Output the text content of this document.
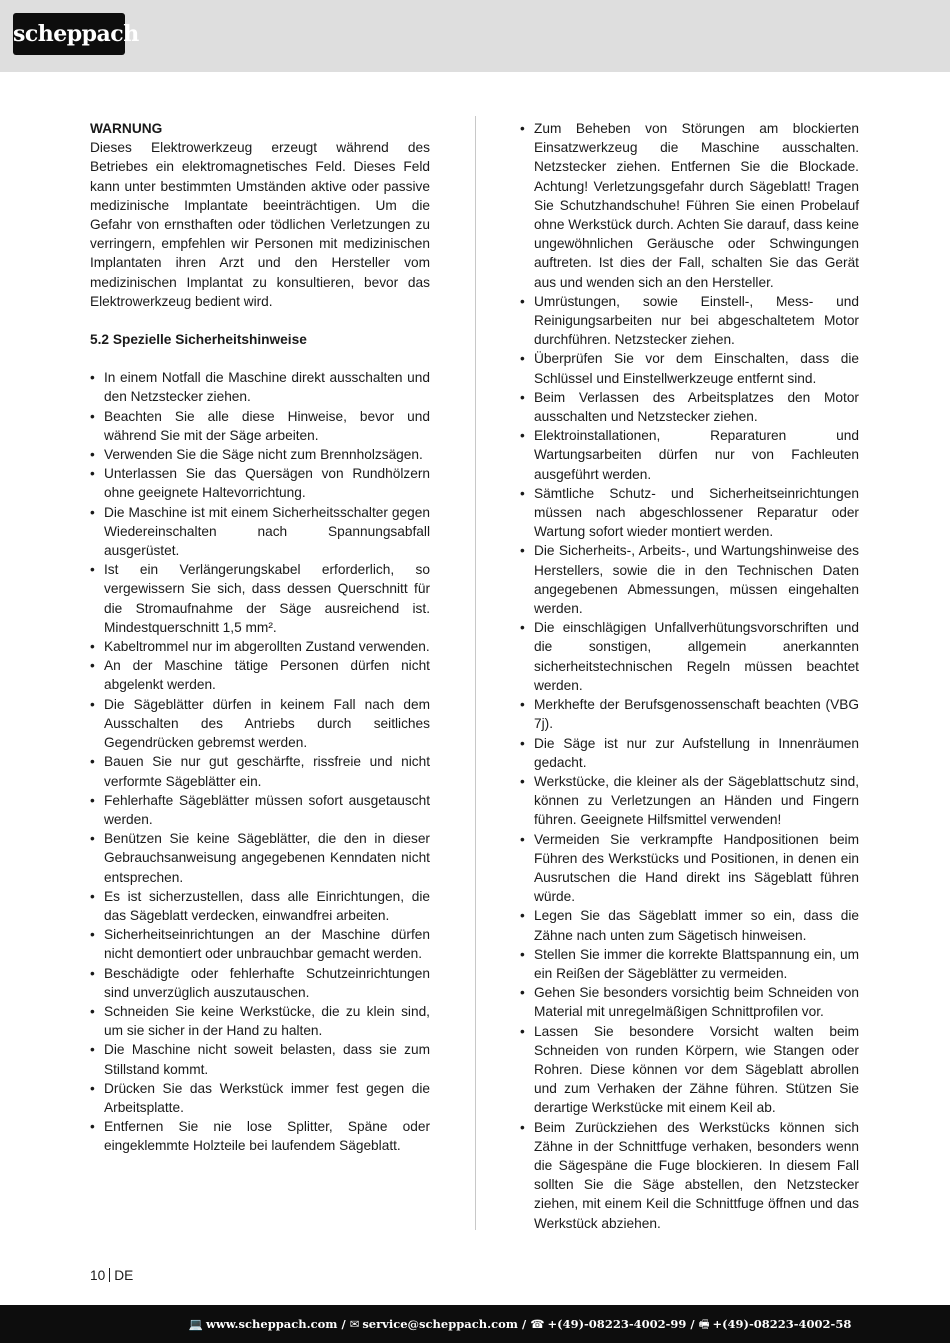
scheppach

WARNUNG

Dieses Elektrowerkzeug erzeugt während des Betriebes ein elektromagnetisches Feld. Dieses Feld kann unter bestimmten Umständen aktive oder passive medizinische Implantate beeinträchtigen. Um die Gefahr von ernsthaften oder tödlichen Verletzungen zu verringern, empfehlen wir Personen mit medizinischen Implantaten ihren Arzt und den Hersteller vom medizinischen Implantat zu konsultieren, bevor das Elektrowerkzeug bedient wird.

5.2 Spezielle Sicherheitshinweise

• In einem Notfall die Maschine direkt ausschalten und den Netzstecker ziehen.
• Beachten Sie alle diese Hinweise, bevor und während Sie mit der Säge arbeiten.
• Verwenden Sie die Säge nicht zum Brennholzsägen.
• Unterlassen Sie das Quersägen von Rundhölzern ohne geeignete Haltevorrichtung.
• Die Maschine ist mit einem Sicherheitsschalter gegen Wiedereinschalten nach Spannungsabfall ausgerüstet.
• Ist ein Verlängerungskabel erforderlich, so vergewissern Sie sich, dass dessen Querschnitt für die Stromaufnahme der Säge ausreichend ist. Mindestquerschnitt 1,5 mm².
• Kabeltrommel nur im abgerollten Zustand verwenden.
• An der Maschine tätige Personen dürfen nicht abgelenkt werden.
• Die Sägeblätter dürfen in keinem Fall nach dem Ausschalten des Antriebs durch seitliches Gegendrücken gebremst werden.
• Bauen Sie nur gut geschärfte, rissfreie und nicht verformte Sägeblätter ein.
• Fehlerhafte Sägeblätter müssen sofort ausgetauscht werden.
• Benützen Sie keine Sägeblätter, die den in dieser Gebrauchsanweisung angegebenen Kenndaten nicht entsprechen.
• Es ist sicherzustellen, dass alle Einrichtungen, die das Sägeblatt verdecken, einwandfrei arbeiten.
• Sicherheitseinrichtungen an der Maschine dürfen nicht demontiert oder unbrauchbar gemacht werden.
• Beschädigte oder fehlerhafte Schutzeinrichtungen sind unverzüglich auszutauschen.
• Schneiden Sie keine Werkstücke, die zu klein sind, um sie sicher in der Hand zu halten.
• Die Maschine nicht soweit belasten, dass sie zum Stillstand kommt.
• Drücken Sie das Werkstück immer fest gegen die Arbeitsplatte.
• Entfernen Sie nie lose Splitter, Späne oder eingeklemmte Holzteile bei laufendem Sägeblatt.
• Zum Beheben von Störungen am blockierten Einsatzwerkzeug die Maschine ausschalten. Netzstecker ziehen. Entfernen Sie die Blockade. Achtung! Verletzungsgefahr durch Sägeblatt! Tragen Sie Schutzhandschuhe! Führen Sie einen Probelauf ohne Werkstück durch. Achten Sie darauf, dass keine ungewöhnlichen Geräusche oder Schwingungen auftreten. Ist dies der Fall, schalten Sie das Gerät aus und wenden sich an den Hersteller.
• Umrüstungen, sowie Einstell-, Mess- und Reinigungsarbeiten nur bei abgeschaltetem Motor durchführen. Netzstecker ziehen.
• Überprüfen Sie vor dem Einschalten, dass die Schlüssel und Einstellwerkzeuge entfernt sind.
• Beim Verlassen des Arbeitsplatzes den Motor ausschalten und Netzstecker ziehen.
• Elektroinstallationen, Reparaturen und Wartungsarbeiten dürfen nur von Fachleuten ausgeführt werden.
• Sämtliche Schutz- und Sicherheitseinrichtungen müssen nach abgeschlossener Reparatur oder Wartung sofort wieder montiert werden.
• Die Sicherheits-, Arbeits-, und Wartungshinweise des Herstellers, sowie die in den Technischen Daten angegebenen Abmessungen, müssen eingehalten werden.
• Die einschlägigen Unfallverhütungsvorschriften und die sonstigen, allgemein anerkannten sicherheitstechnischen Regeln müssen beachtet werden.
• Merkhefte der Berufsgenossenschaft beachten (VBG 7j).
• Die Säge ist nur zur Aufstellung in Innenräumen gedacht.
• Werkstücke, die kleiner als der Sägeblattschutz sind, können zu Verletzungen an Händen und Fingern führen. Geeignete Hilfsmittel verwenden!
• Vermeiden Sie verkrampfte Handpositionen beim Führen des Werkstücks und Positionen, in denen ein Ausrutschen die Hand direkt ins Sägeblatt führen würde.
• Legen Sie das Sägeblatt immer so ein, dass die Zähne nach unten zum Sägetisch hinweisen.
• Stellen Sie immer die korrekte Blattspannung ein, um ein Reißen der Sägeblätter zu vermeiden.
• Gehen Sie besonders vorsichtig beim Schneiden von Material mit unregelmäßigen Schnittprofilen vor.
• Lassen Sie besondere Vorsicht walten beim Schneiden von runden Körpern, wie Stangen oder Rohren. Diese können vor dem Sägeblatt abrollen und zum Verhaken der Zähne führen. Stützen Sie derartige Werkstücke mit einem Keil ab.
• Beim Zurückziehen des Werkstücks können sich Zähne in der Schnittfuge verhaken, besonders wenn die Sägespäne die Fuge blockieren. In diesem Fall sollten Sie die Säge abstellen, den Netzstecker ziehen, mit einem Keil die Schnittfuge öffnen und das Werkstück abziehen.
10 DE
💻 www.scheppach.com / ✉ service@scheppach.com / ☎ +(49)-08223-4002-99 / 🖷 +(49)-08223-4002-58
